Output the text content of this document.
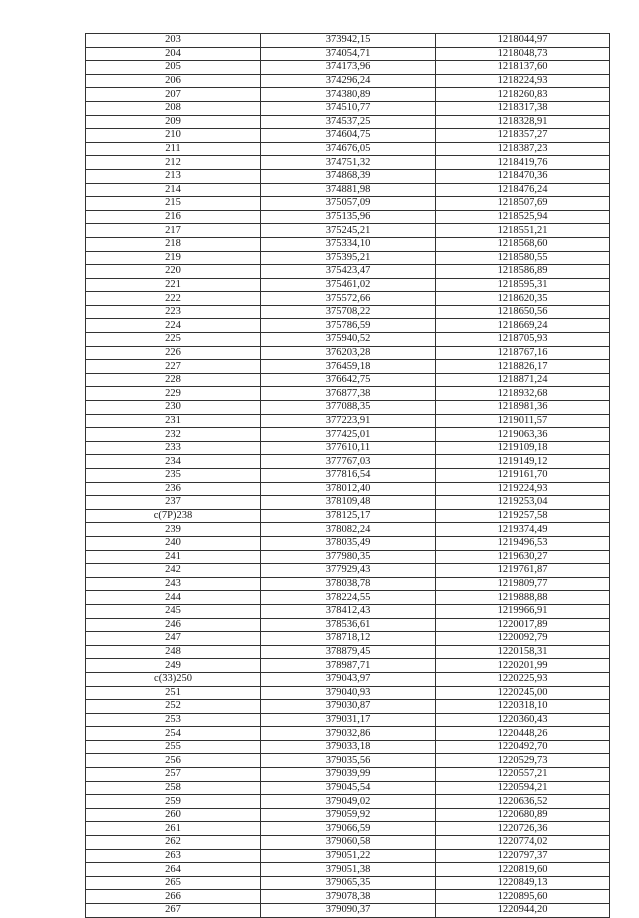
203	373942,15	1218044,97
204	374054,71	1218048,73
205	374173,96	1218137,60
206	374296,24	1218224,93
207	374380,89	1218260,83
208	374510,77	1218317,38
209	374537,25	1218328,91
210	374604,75	1218357,27
211	374676,05	1218387,23
212	374751,32	1218419,76
213	374868,39	1218470,36
214	374881,98	1218476,24
215	375057,09	1218507,69
216	375135,96	1218525,94
217	375245,21	1218551,21
218	375334,10	1218568,60
219	375395,21	1218580,55
220	375423,47	1218586,89
221	375461,02	1218595,31
222	375572,66	1218620,35
223	375708,22	1218650,56
224	375786,59	1218669,24
225	375940,52	1218705,93
226	376203,28	1218767,16
227	376459,18	1218826,17
228	376642,75	1218871,24
229	376877,38	1218932,68
230	377088,35	1218981,36
231	377223,91	1219011,57
232	377425,01	1219063,36
233	377610,11	1219109,18
234	377767,03	1219149,12
235	377816,54	1219161,70
236	378012,40	1219224,93
237	378109,48	1219253,04
с(7Р)238	378125,17	1219257,58
239	378082,24	1219374,49
240	378035,49	1219496,53
241	377980,35	1219630,27
242	377929,43	1219761,87
243	378038,78	1219809,77
244	378224,55	1219888,88
245	378412,43	1219966,91
246	378536,61	1220017,89
247	378718,12	1220092,79
248	378879,45	1220158,31
249	378987,71	1220201,99
с(33)250	379043,97	1220225,93
251	379040,93	1220245,00
252	379030,87	1220318,10
253	379031,17	1220360,43
254	379032,86	1220448,26
255	379033,18	1220492,70
256	379035,56	1220529,73
257	379039,99	1220557,21
258	379045,54	1220594,21
259	379049,02	1220636,52
260	379059,92	1220680,89
261	379066,59	1220726,36
262	379060,58	1220774,02
263	379051,22	1220797,37
264	379051,38	1220819,60
265	379065,35	1220849,13
266	379078,38	1220895,60
267	379090,37	1220944,20
